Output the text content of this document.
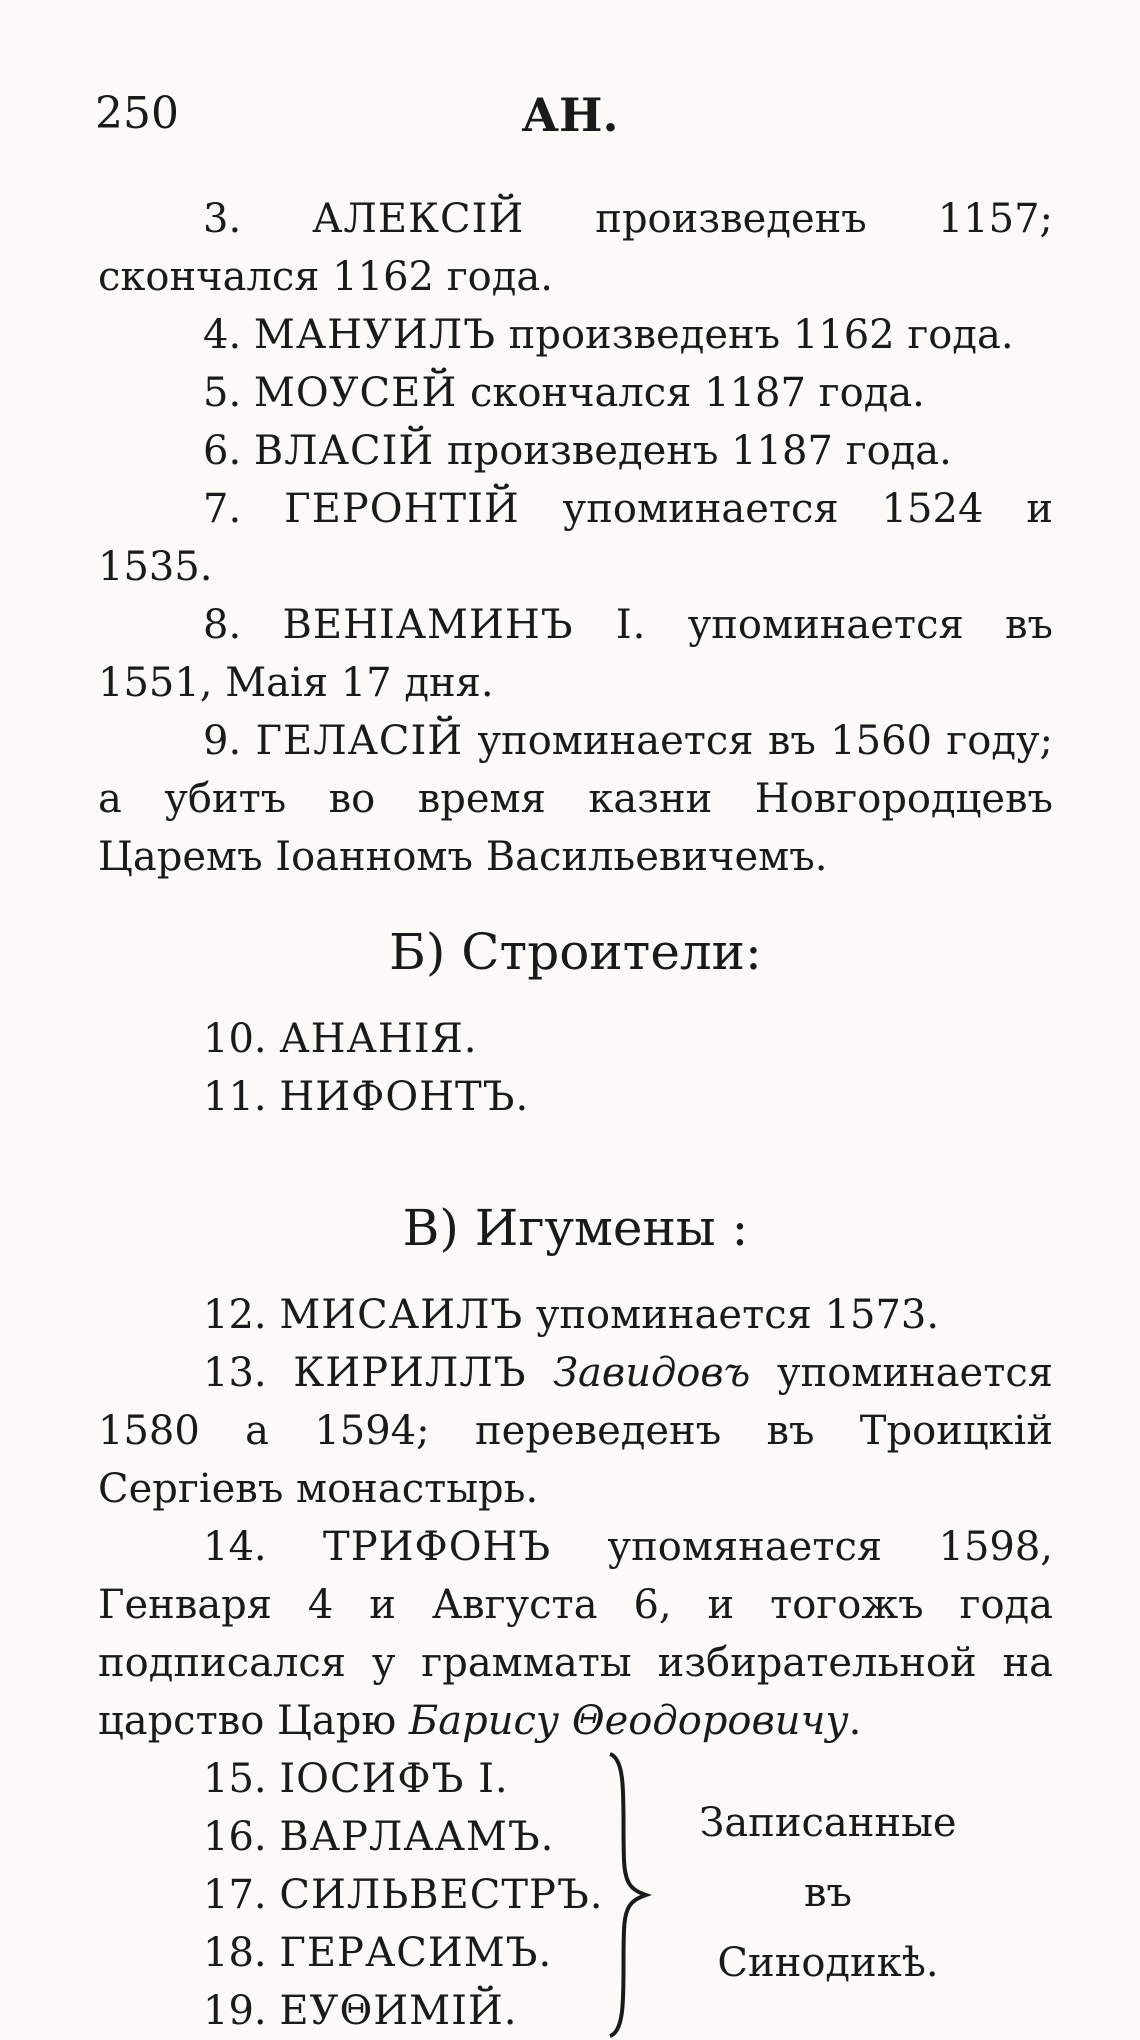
250	АН.

3. АЛЕКСІЙ произведенъ 1157; скончался 1162 года.

4. МАНУИЛЪ произведенъ 1162 года.

5. МОУСЕЙ скончался 1187 года.

6. ВЛАСІЙ произведенъ 1187 года.

7. ГЕРОНТІЙ упоминается 1524 и 1535.

8. ВЕНІАМИНЪ І. упоминается въ 1551, Маія 17 дня.

9. ГЕЛАСІЙ упоминается въ 1560 году; а убитъ во время казни Новгородцевъ Царемъ Іоанномъ Васильевичемъ.

Б) Строители:

10. АНАНІЯ.

11. НИФОНТЪ.

В) Игумены :

12. МИСАИЛЪ упоминается 1573.

13. КИРИЛЛЪ Завидовъ упоминается 1580 а 1594; переведенъ въ Троицкій Сергіевъ монастырь.

14. ТРИФОНЪ упомянается 1598, Генваря 4 и Августа 6, и тогожъ года подписался у грамматы избирательной на царство Царю Барису Θеодоровичу.

15. ІОСИФЪ І.
16. ВАРЛААМЪ.
17. СИЛЬВЕСТРЪ.
18. ГЕРАСИМЪ.
19. ЕУΘИМІЙ.
Записанные
въ
Синодикѣ.
